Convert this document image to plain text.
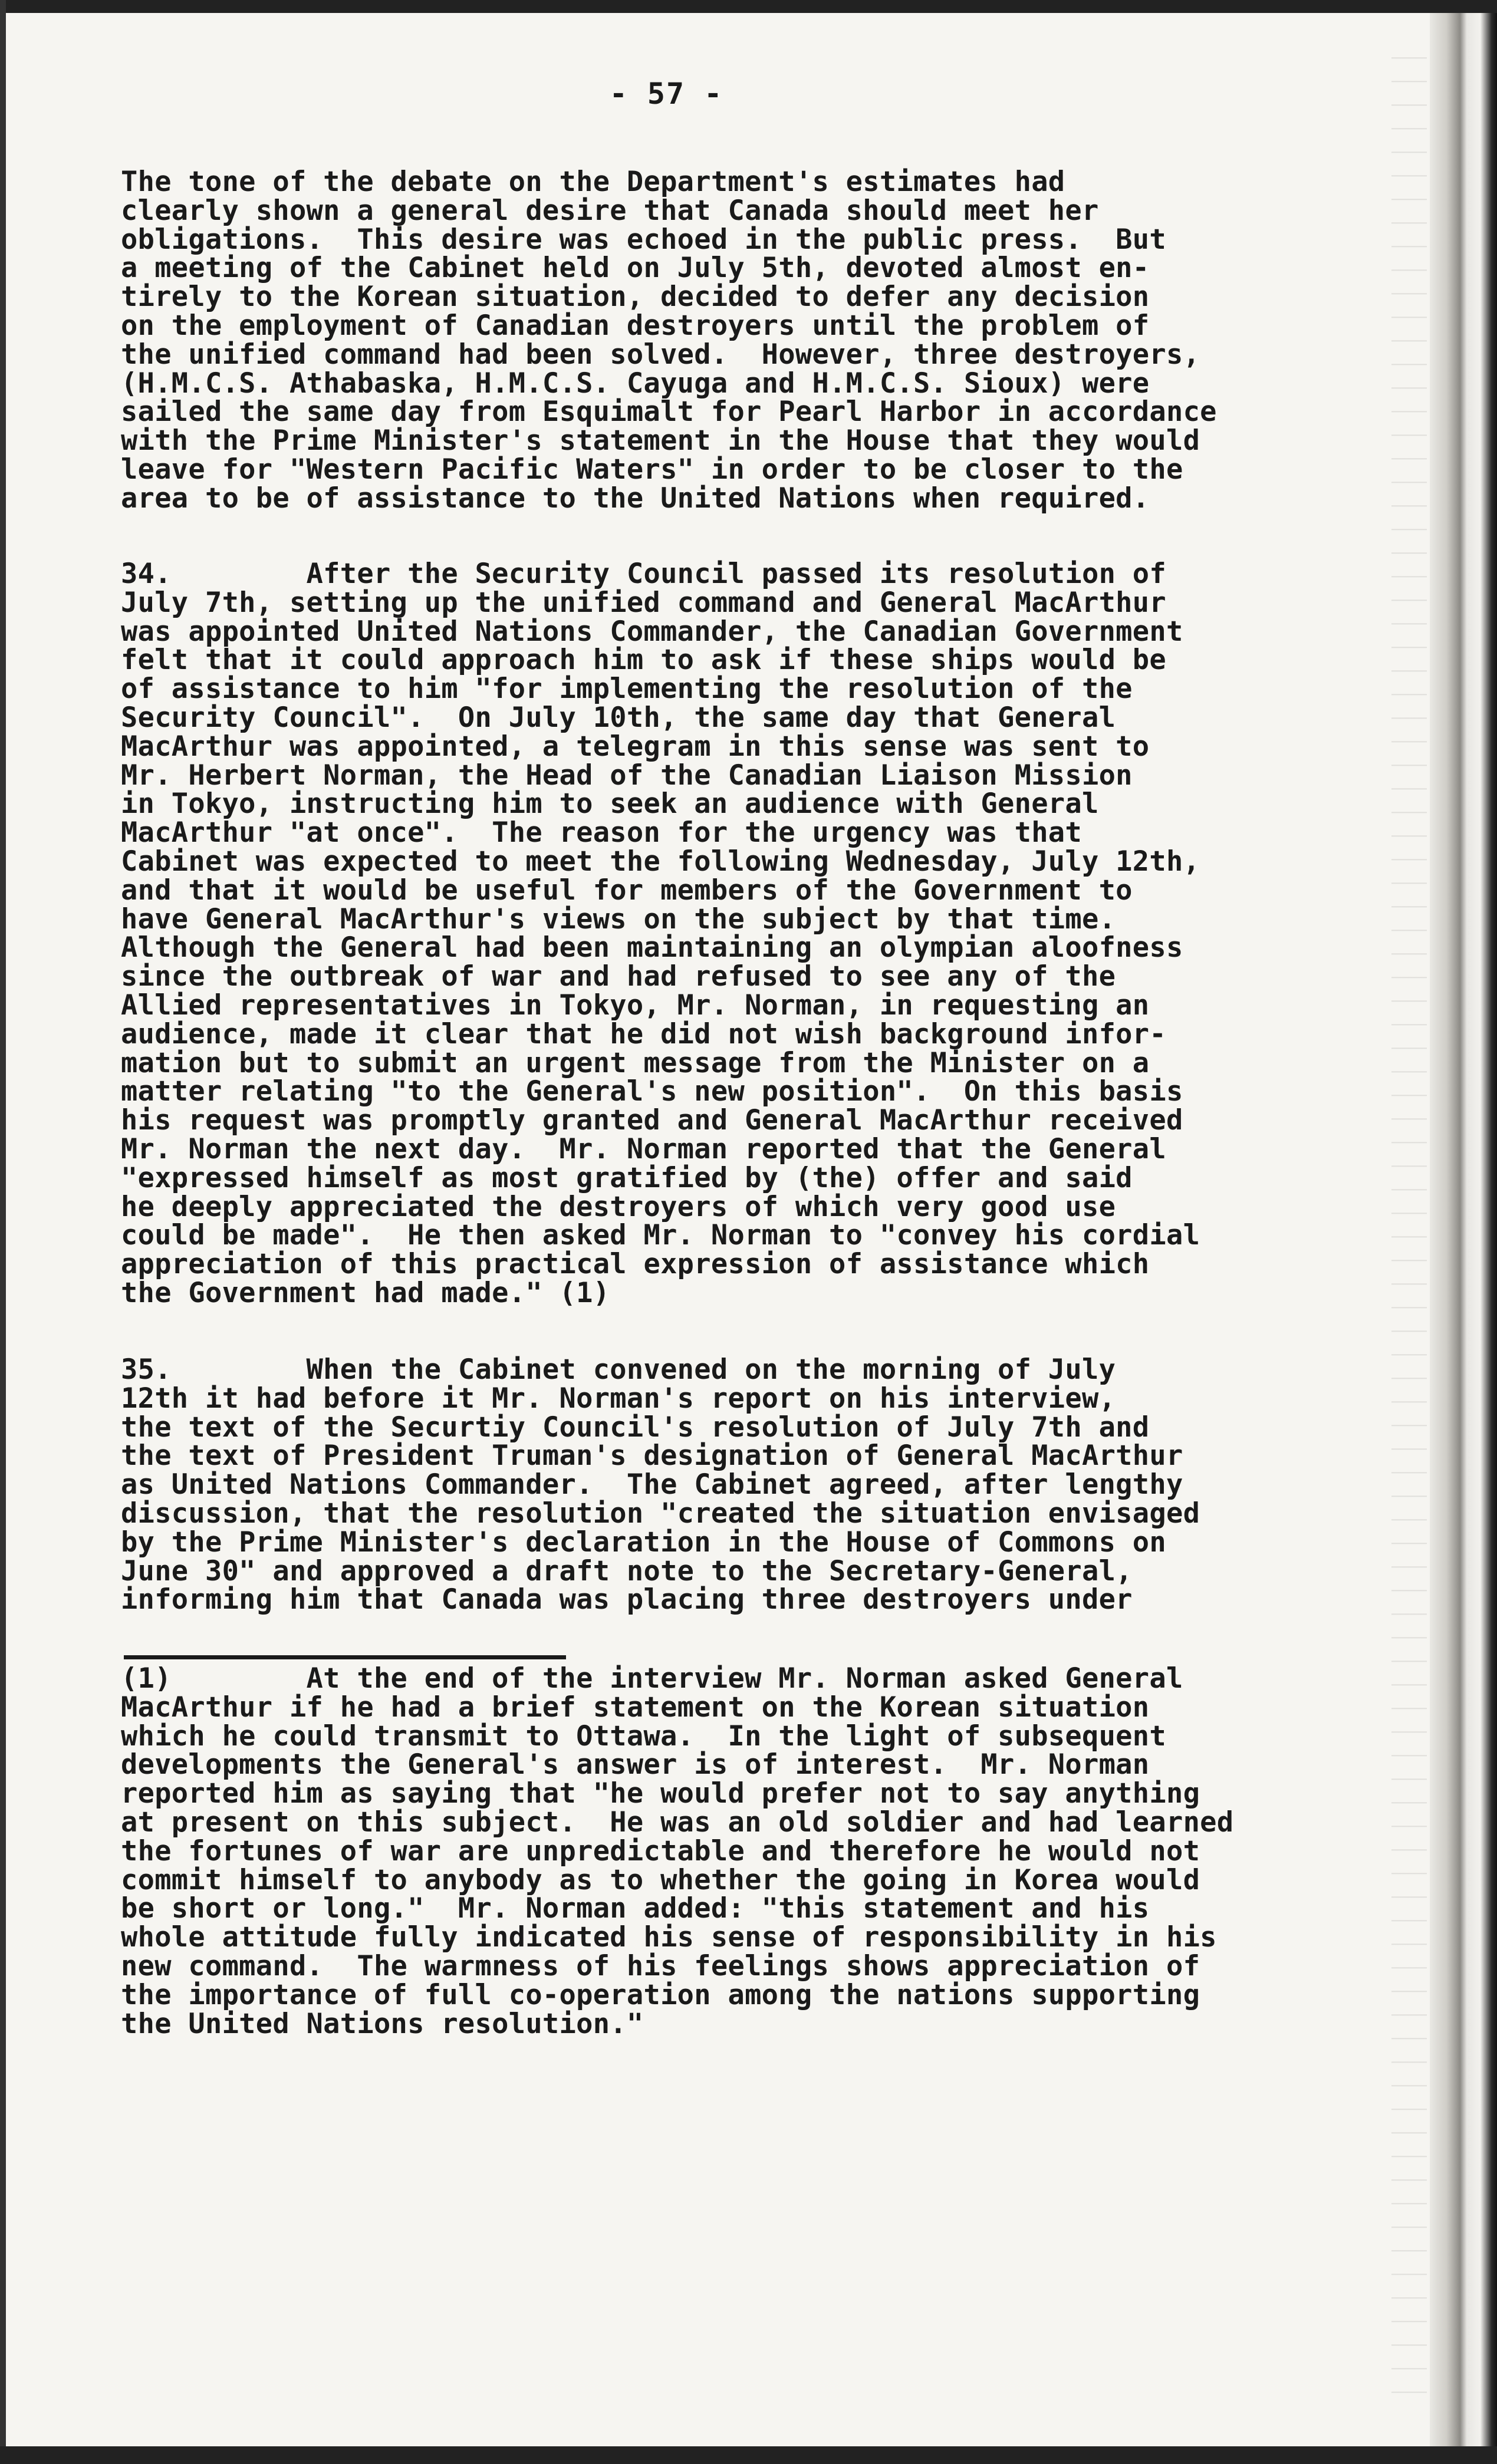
- 57 -
The tone of the debate on the Department's estimates had
clearly shown a general desire that Canada should meet her
obligations.  This desire was echoed in the public press.  But
a meeting of the Cabinet held on July 5th, devoted almost en-
tirely to the Korean situation, decided to defer any decision
on the employment of Canadian destroyers until the problem of
the unified command had been solved.  However, three destroyers,
(H.M.C.S. Athabaska, H.M.C.S. Cayuga and H.M.C.S. Sioux) were
sailed the same day from Esquimalt for Pearl Harbor in accordance
with the Prime Minister's statement in the House that they would
leave for "Western Pacific Waters" in order to be closer to the
area to be of assistance to the United Nations when required.
34.        After the Security Council passed its resolution of
July 7th, setting up the unified command and General MacArthur
was appointed United Nations Commander, the Canadian Government
felt that it could approach him to ask if these ships would be
of assistance to him "for implementing the resolution of the
Security Council".  On July 10th, the same day that General
MacArthur was appointed, a telegram in this sense was sent to
Mr. Herbert Norman, the Head of the Canadian Liaison Mission
in Tokyo, instructing him to seek an audience with General
MacArthur "at once".  The reason for the urgency was that
Cabinet was expected to meet the following Wednesday, July 12th,
and that it would be useful for members of the Government to
have General MacArthur's views on the subject by that time.
Although the General had been maintaining an olympian aloofness
since the outbreak of war and had refused to see any of the
Allied representatives in Tokyo, Mr. Norman, in requesting an
audience, made it clear that he did not wish background infor-
mation but to submit an urgent message from the Minister on a
matter relating "to the General's new position".  On this basis
his request was promptly granted and General MacArthur received
Mr. Norman the next day.  Mr. Norman reported that the General
"expressed himself as most gratified by (the) offer and said
he deeply appreciated the destroyers of which very good use
could be made".  He then asked Mr. Norman to "convey his cordial
appreciation of this practical expression of assistance which
the Government had made." (1)
35.        When the Cabinet convened on the morning of July
12th it had before it Mr. Norman's report on his interview,
the text of the Securtiy Council's resolution of July 7th and
the text of President Truman's designation of General MacArthur
as United Nations Commander.  The Cabinet agreed, after lengthy
discussion, that the resolution "created the situation envisaged
by the Prime Minister's declaration in the House of Commons on
June 30" and approved a draft note to the Secretary-General,
informing him that Canada was placing three destroyers under
(1)        At the end of the interview Mr. Norman asked General
MacArthur if he had a brief statement on the Korean situation
which he could transmit to Ottawa.  In the light of subsequent
developments the General's answer is of interest.  Mr. Norman
reported him as saying that "he would prefer not to say anything
at present on this subject.  He was an old soldier and had learned
the fortunes of war are unpredictable and therefore he would not
commit himself to anybody as to whether the going in Korea would
be short or long."  Mr. Norman added: "this statement and his
whole attitude fully indicated his sense of responsibility in his
new command.  The warmness of his feelings shows appreciation of
the importance of full co-operation among the nations supporting
the United Nations resolution."
